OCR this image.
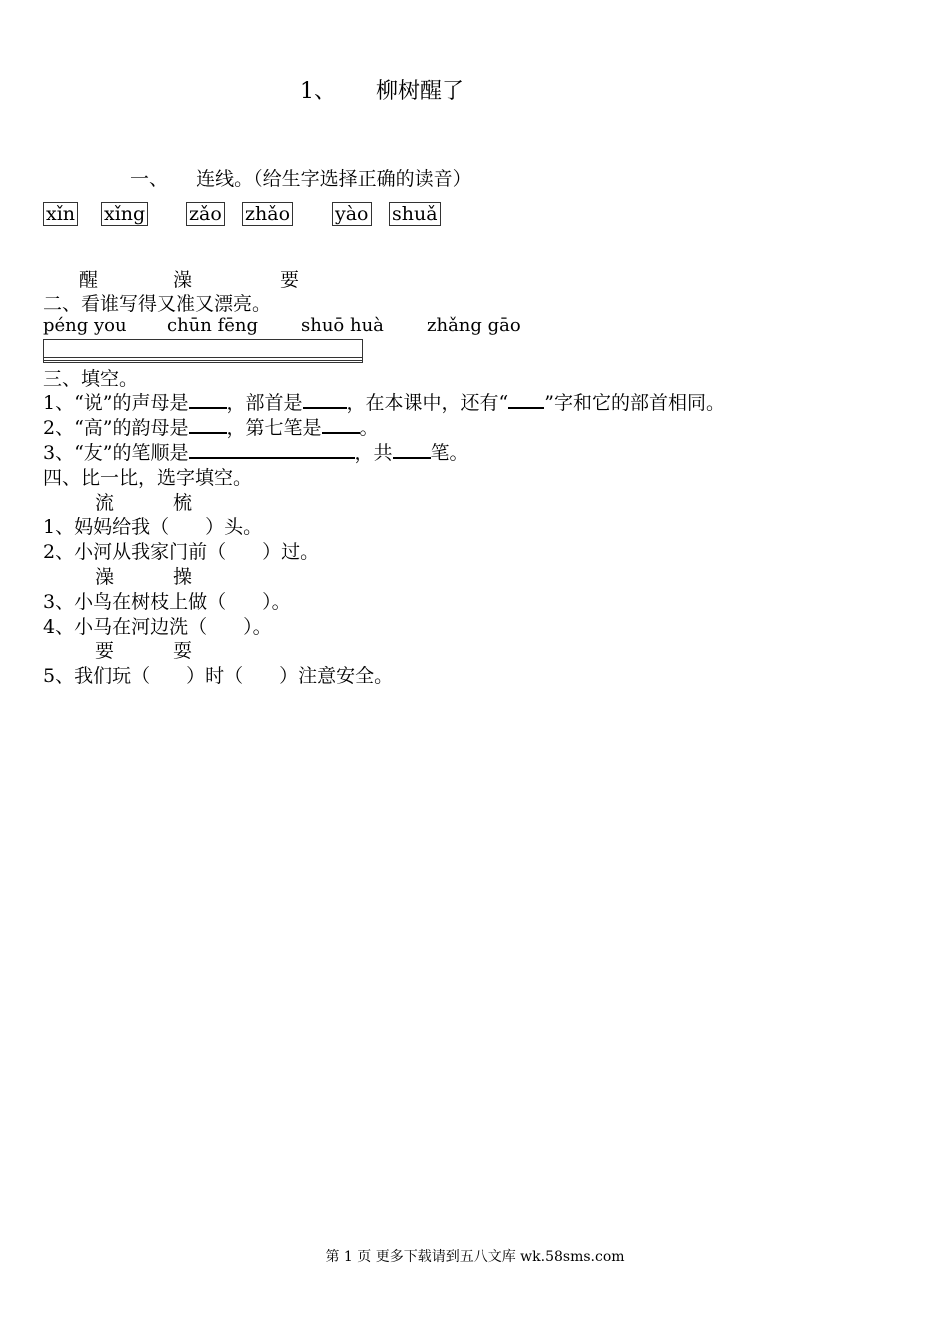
1、 柳树醒了
一、 连线。（给生字选择正确的读音）
xǐn xǐng zǎo zhǎo yào shuǎ
醒	澡	要
二、看谁写得又准又漂亮。
péng you chūn fēng shuō huà zhǎng gāo
三、填空。
1、“说”的声母是 ，部首是 ，在本课中，还有“ ”字和它的部首相同。
2、“高”的韵母是 ，第七笔是 。
3、“友”的笔顺是	，共 笔。
四、比一比，选字填空。
流	梳
1、妈妈给我（ ）头。
2、小河从我家门前（ ）过。
澡	操
3、小鸟在树枝上做（ ）。
4、小马在河边洗（ ）。
要	耍
5、我们玩（ ）时（ ）注意安全。
第 1 页 更多下载请到五八文库 wk.58sms.com
